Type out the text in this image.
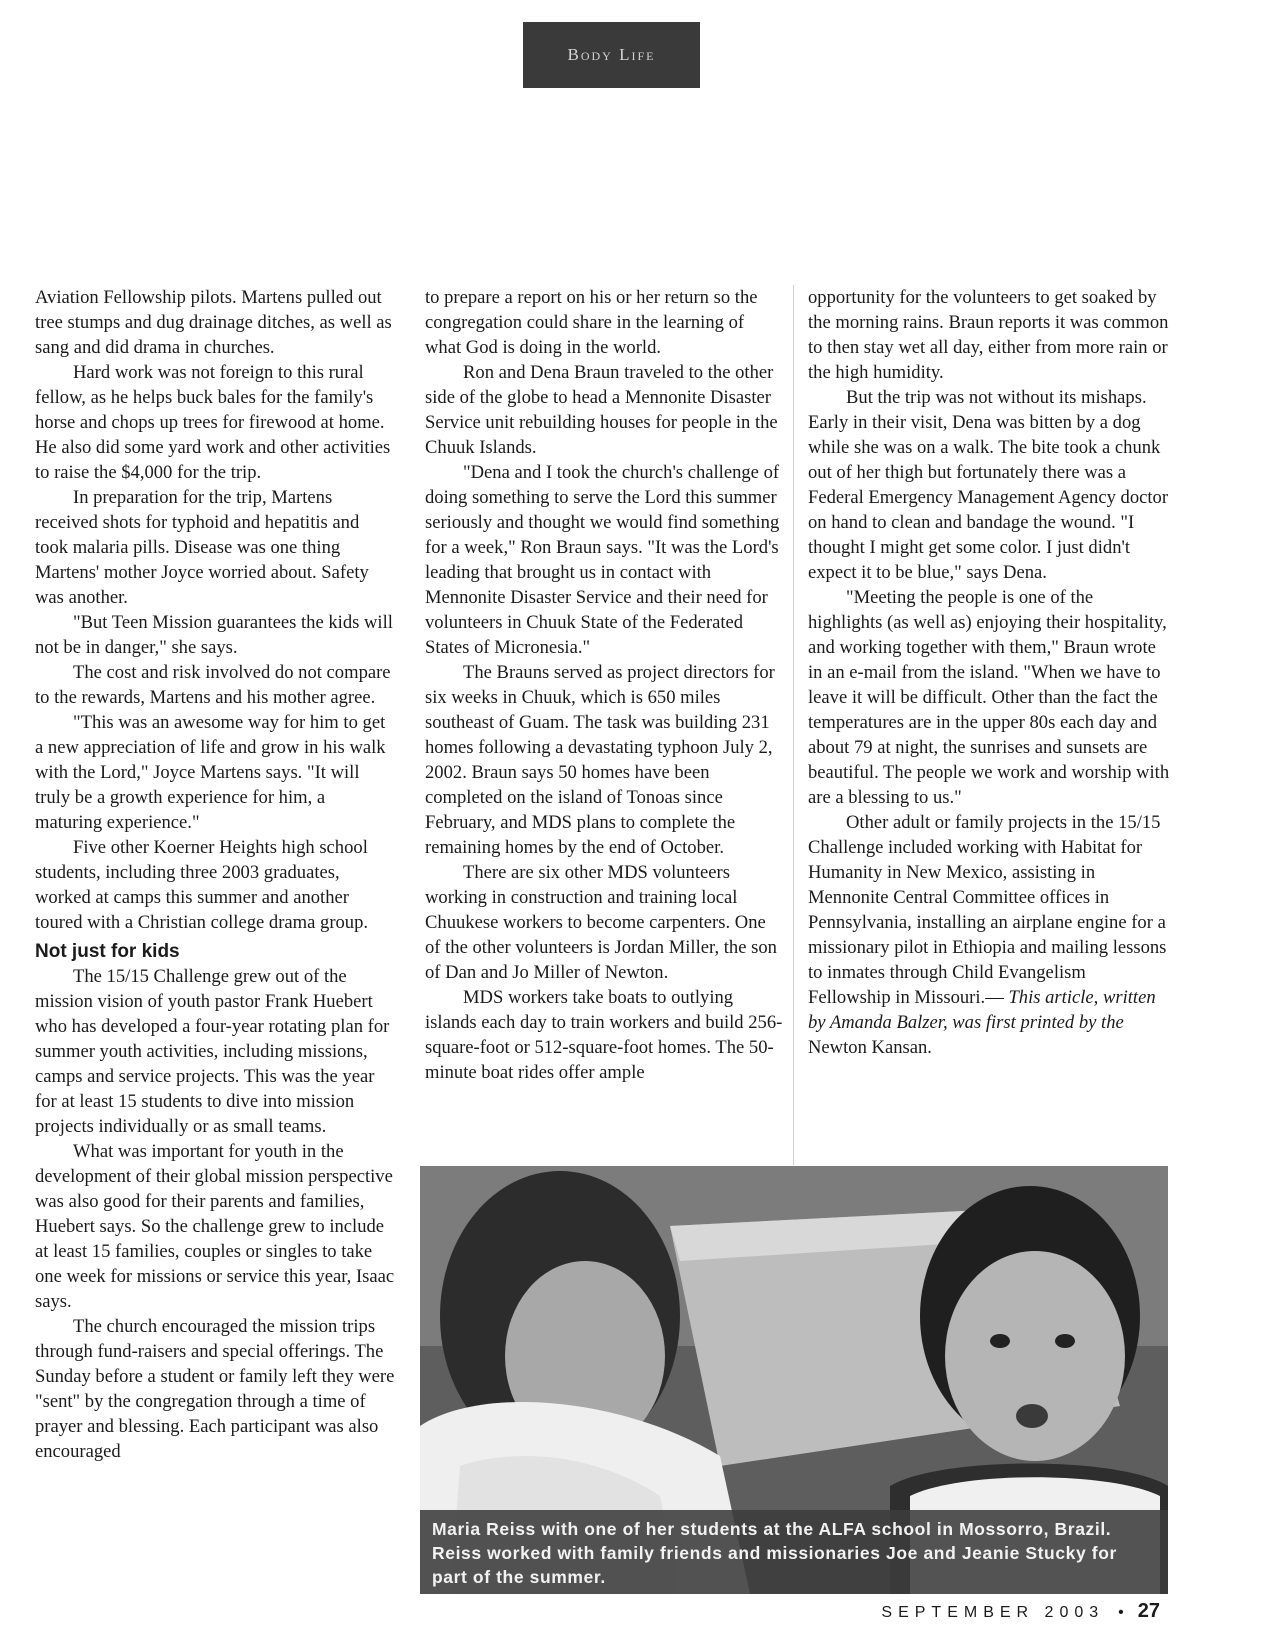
Body Life

Aviation Fellowship pilots. Martens pulled out tree stumps and dug drainage ditches, as well as sang and did drama in churches.

Hard work was not foreign to this rural fellow, as he helps buck bales for the family's horse and chops up trees for firewood at home. He also did some yard work and other activities to raise the $4,000 for the trip.

In preparation for the trip, Martens received shots for typhoid and hepatitis and took malaria pills. Disease was one thing Martens' mother Joyce worried about. Safety was another.

"But Teen Mission guarantees the kids will not be in danger," she says.

The cost and risk involved do not compare to the rewards, Martens and his mother agree.

"This was an awesome way for him to get a new appreciation of life and grow in his walk with the Lord," Joyce Martens says. "It will truly be a growth experience for him, a maturing experience."

Five other Koerner Heights high school students, including three 2003 graduates, worked at camps this summer and another toured with a Christian college drama group.

Not just for kids

The 15/15 Challenge grew out of the mission vision of youth pastor Frank Huebert who has developed a four-year rotating plan for summer youth activities, including missions, camps and service projects. This was the year for at least 15 students to dive into mission projects individually or as small teams.

What was important for youth in the development of their global mission perspective was also good for their parents and families, Huebert says. So the challenge grew to include at least 15 families, couples or singles to take one week for missions or service this year, Isaac says.

The church encouraged the mission trips through fund-raisers and special offerings. The Sunday before a student or family left they were "sent" by the congregation through a time of prayer and blessing. Each participant was also encouraged

to prepare a report on his or her return so the congregation could share in the learning of what God is doing in the world.

Ron and Dena Braun traveled to the other side of the globe to head a Mennonite Disaster Service unit rebuilding houses for people in the Chuuk Islands.

"Dena and I took the church's challenge of doing something to serve the Lord this summer seriously and thought we would find something for a week," Ron Braun says. "It was the Lord's leading that brought us in contact with Mennonite Disaster Service and their need for volunteers in Chuuk State of the Federated States of Micronesia."

The Brauns served as project directors for six weeks in Chuuk, which is 650 miles southeast of Guam. The task was building 231 homes following a devastating typhoon July 2, 2002. Braun says 50 homes have been completed on the island of Tonoas since February, and MDS plans to complete the remaining homes by the end of October.

There are six other MDS volunteers working in construction and training local Chuukese workers to become carpenters. One of the other volunteers is Jordan Miller, the son of Dan and Jo Miller of Newton.

MDS workers take boats to outlying islands each day to train workers and build 256-square-foot or 512-square-foot homes. The 50-minute boat rides offer ample

opportunity for the volunteers to get soaked by the morning rains. Braun reports it was common to then stay wet all day, either from more rain or the high humidity.

But the trip was not without its mishaps. Early in their visit, Dena was bitten by a dog while she was on a walk. The bite took a chunk out of her thigh but fortunately there was a Federal Emergency Management Agency doctor on hand to clean and bandage the wound. "I thought I might get some color. I just didn't expect it to be blue," says Dena.

"Meeting the people is one of the highlights (as well as) enjoying their hospitality, and working together with them," Braun wrote in an e-mail from the island. "When we have to leave it will be difficult. Other than the fact the temperatures are in the upper 80s each day and about 79 at night, the sunrises and sunsets are beautiful. The people we work and worship with are a blessing to us."

Other adult or family projects in the 15/15 Challenge included working with Habitat for Humanity in New Mexico, assisting in Mennonite Central Committee offices in Pennsylvania, installing an airplane engine for a missionary pilot in Ethiopia and mailing lessons to inmates through Child Evangelism Fellowship in Missouri.— This article, written by Amanda Balzer, was first printed by the Newton Kansan.

Maria Reiss with one of her students at the ALFA school in Mossorro, Brazil. Reiss worked with family friends and missionaries Joe and Jeanie Stucky for part of the summer.
SEPTEMBER 2003 • 27
